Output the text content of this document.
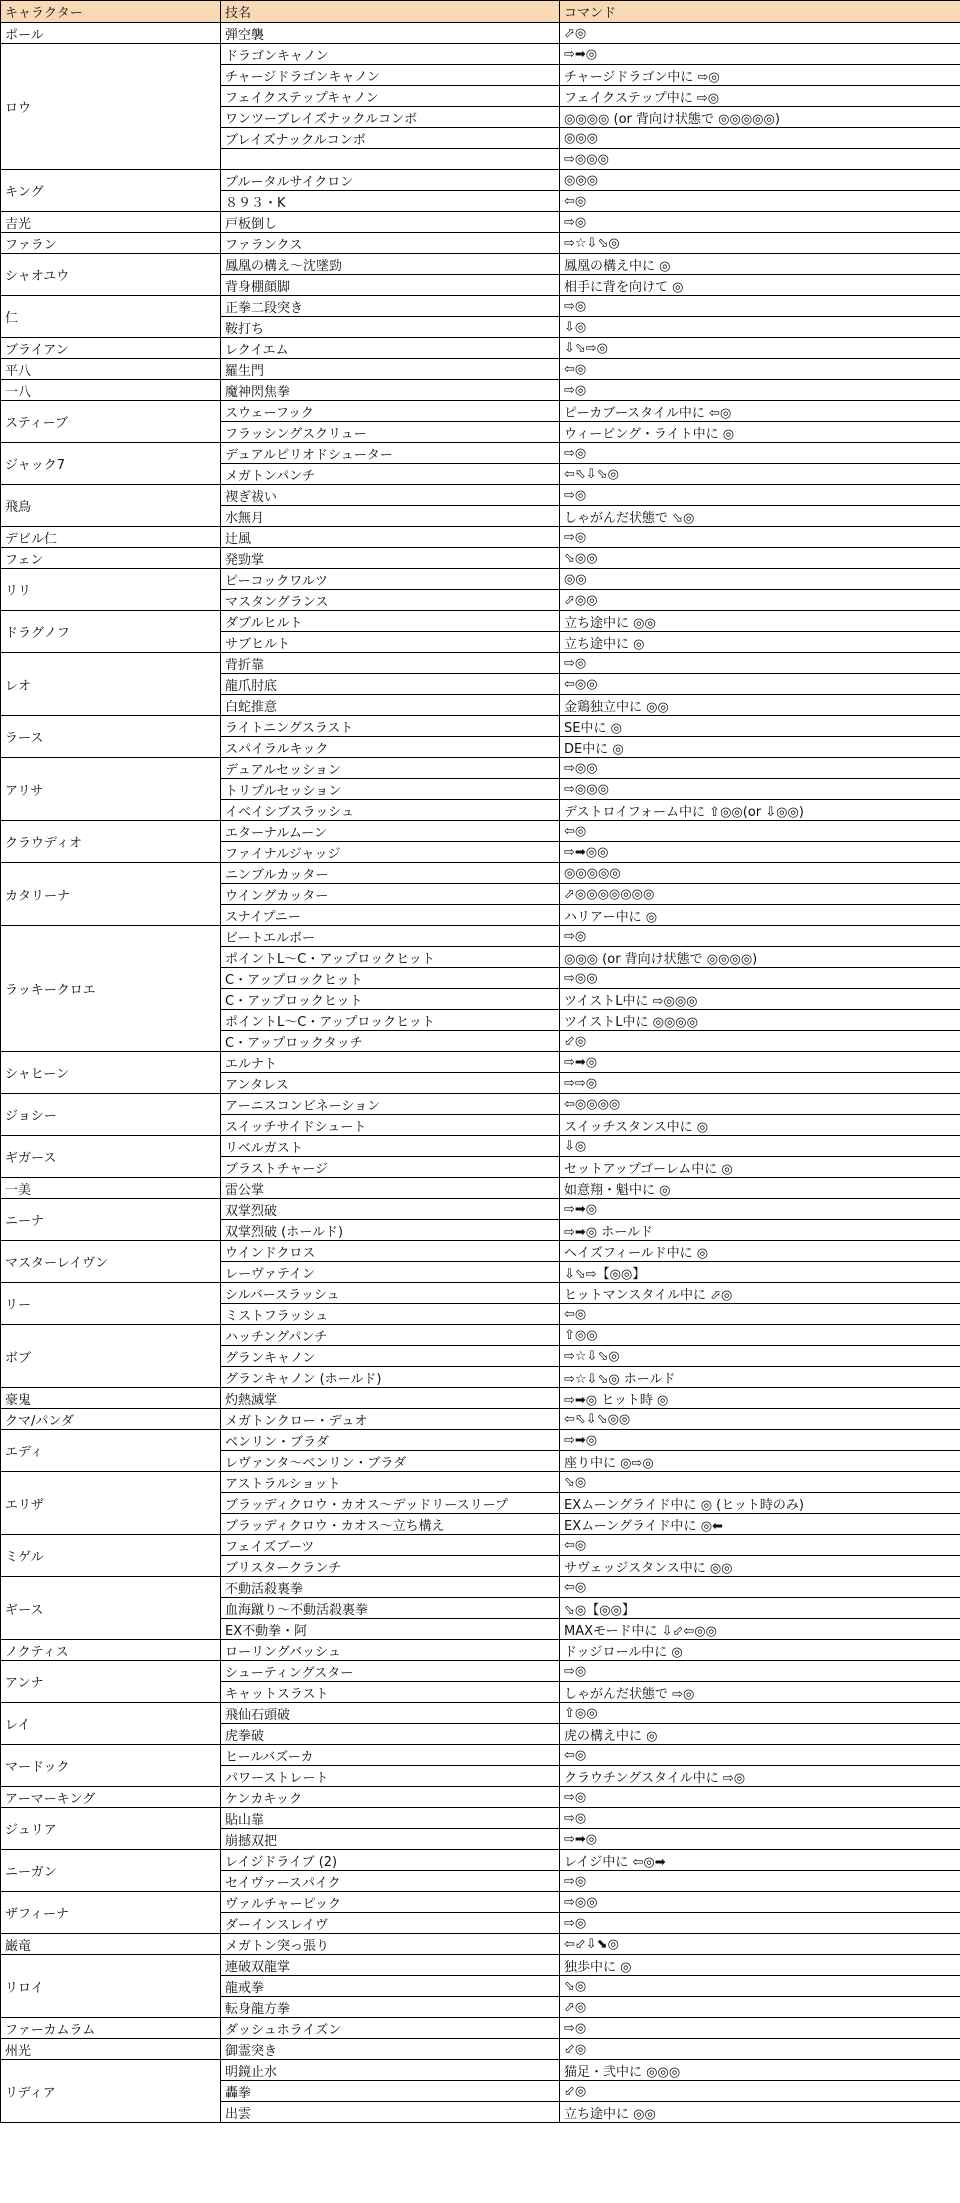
キャラクター	技名	コマンド
ポール	弾空襲	⬀◎
ロウ	ドラゴンキャノン	⇨➡◎
	チャージドラゴンキャノン	チャージドラゴン中に ⇨◎
	フェイクステップキャノン	フェイクステップ中に ⇨◎
	ワンツーブレイズナックルコンボ	◎◎◎◎ (or 背向け状態で ◎◎◎◎◎)
	ブレイズナックルコンボ	◎◎◎
		⇨◎◎◎
キング	ブルータルサイクロン	◎◎◎
	８９３・K	⇦◎
吉光	戸板倒し	⇨◎
ファラン	ファランクス	⇨☆⇩⬂◎
シャオユウ	鳳凰の構え～沈墜勁	鳳凰の構え中に ◎
	背身棚顔脚	相手に背を向けて ◎
仁	正拳二段突き	⇨◎
	鞍打ち	⇩◎
ブライアン	レクイエム	⇩⬂⇨◎
平八	羅生門	⇦◎
一八	魔神閃焦拳	⇨◎
スティーブ	スウェーフック	ピーカブースタイル中に ⇦◎
	フラッシングスクリュー	ウィービング・ライト中に ◎
ジャック7	デュアルピリオドシューター	⇨◎
	メガトンパンチ	⇦⬁⇩⬂◎
飛鳥	禊ぎ祓い	⇨◎
	水無月	しゃがんだ状態で ⬂◎
デビル仁	辻風	⇨◎
フェン	発勁掌	⬂◎◎
リリ	ピーコックワルツ	◎◎
	マスタングランス	⬀◎◎
ドラグノフ	ダブルヒルト	立ち途中に ◎◎
	サブヒルト	立ち途中に ◎
レオ	背折靠	⇨◎
	龍爪肘底	⇦◎◎
	白蛇推意	金鶏独立中に ◎◎
ラース	ライトニングスラスト	SE中に ◎
	スパイラルキック	DE中に ◎
アリサ	デュアルセッション	⇨◎◎
	トリプルセッション	⇨◎◎◎
	イベイシブスラッシュ	デストロイフォーム中に ⇧◎◎(or ⇩◎◎)
クラウディオ	エターナルムーン	⇦◎
	ファイナルジャッジ	⇨➡◎◎
カタリーナ	ニンブルカッター	◎◎◎◎◎
	ウイングカッター	⬀◎◎◎◎◎◎◎
	スナイプニー	ハリアー中に ◎
ラッキークロエ	ビートエルボー	⇨◎
	ポイントL～C・アップロックヒット	◎◎◎ (or 背向け状態で ◎◎◎◎)
	C・アップロックヒット	⇨◎◎
	C・アップロックヒット	ツイストL中に ⇨◎◎◎
	ポイントL～C・アップロックヒット	ツイストL中に ◎◎◎◎
	C・アップロックタッチ	⬃◎
シャヒーン	エルナト	⇨➡◎
	アンタレス	⇨⇨◎
ジョシー	アーニスコンビネーション	⇦◎◎◎◎
	スイッチサイドシュート	スイッチスタンス中に ◎
ギガース	リベルガスト	⇩◎
	ブラストチャージ	セットアップゴーレム中に ◎
一美	雷公掌	如意翔・魁中に ◎
ニーナ	双掌烈破	⇨➡◎
	双掌烈破 (ホールド)	⇨➡◎ ホールド
マスターレイヴン	ウインドクロス	ヘイズフィールド中に ◎
	レーヴァテイン	⇩⬂⇨【◎◎】
リー	シルバースラッシュ	ヒットマンスタイル中に ⬀◎
	ミストフラッシュ	⇦◎
ボブ	ハッチングパンチ	⇧◎◎
	グランキャノン	⇨☆⇩⬂◎
	グランキャノン (ホールド)	⇨☆⇩⬂◎ ホールド
豪鬼	灼熱滅掌	⇨➡◎ ヒット時 ◎
クマ/パンダ	メガトンクロー・デュオ	⇦⬁⇩⬂◎◎
エディ	ベンリン・ブラダ	⇨➡◎
	レヴァンタ～ベンリン・ブラダ	座り中に ◎⇨◎
エリザ	アストラルショット	⬂◎
	ブラッディクロウ・カオス～デッドリースリープ	EXムーングライド中に ◎ (ヒット時のみ)
	ブラッディクロウ・カオス～立ち構え	EXムーングライド中に ◎⬅
ミゲル	フェイズブーツ	⇦◎
	ブリスタークランチ	サヴェッジスタンス中に ◎◎
ギース	不動活殺裏拳	⇦◎
	血海蹴り～不動活殺裏拳	⬂◎【◎◎】
	EX不動拳・阿	MAXモード中に ⇩⬃⇦◎◎
ノクティス	ローリングバッシュ	ドッジロール中に ◎
アンナ	シューティングスター	⇨◎
	キャットスラスト	しゃがんだ状態で ⇨◎
レイ	飛仙石頭破	⇧◎◎
	虎拳破	虎の構え中に ◎
マードック	ヒールバズーカ	⇦◎
	パワーストレート	クラウチングスタイル中に ⇨◎
アーマーキング	ケンカキック	⇨◎
ジュリア	貼山靠	⇨◎
	崩撼双把	⇨➡◎
ニーガン	レイジドライブ (2)	レイジ中に ⇦◎➡
	セイヴァースパイク	⇨◎
ザフィーナ	ヴァルチャーピック	⇨◎◎
	ダーインスレイヴ	⇨◎
巌竜	メガトン突っ張り	⇦⬃⇩⬊◎
リロイ	連破双龍掌	独歩中に ◎
	龍戒拳	⬂◎
	転身龍方拳	⬀◎
ファーカムラム	ダッシュホライズン	⇨◎
州光	御霊突き	⬃◎
リディア	明鏡止水	猫足・弐中に ◎◎◎
	轟拳	⬃◎
	出雲	立ち途中に ◎◎
